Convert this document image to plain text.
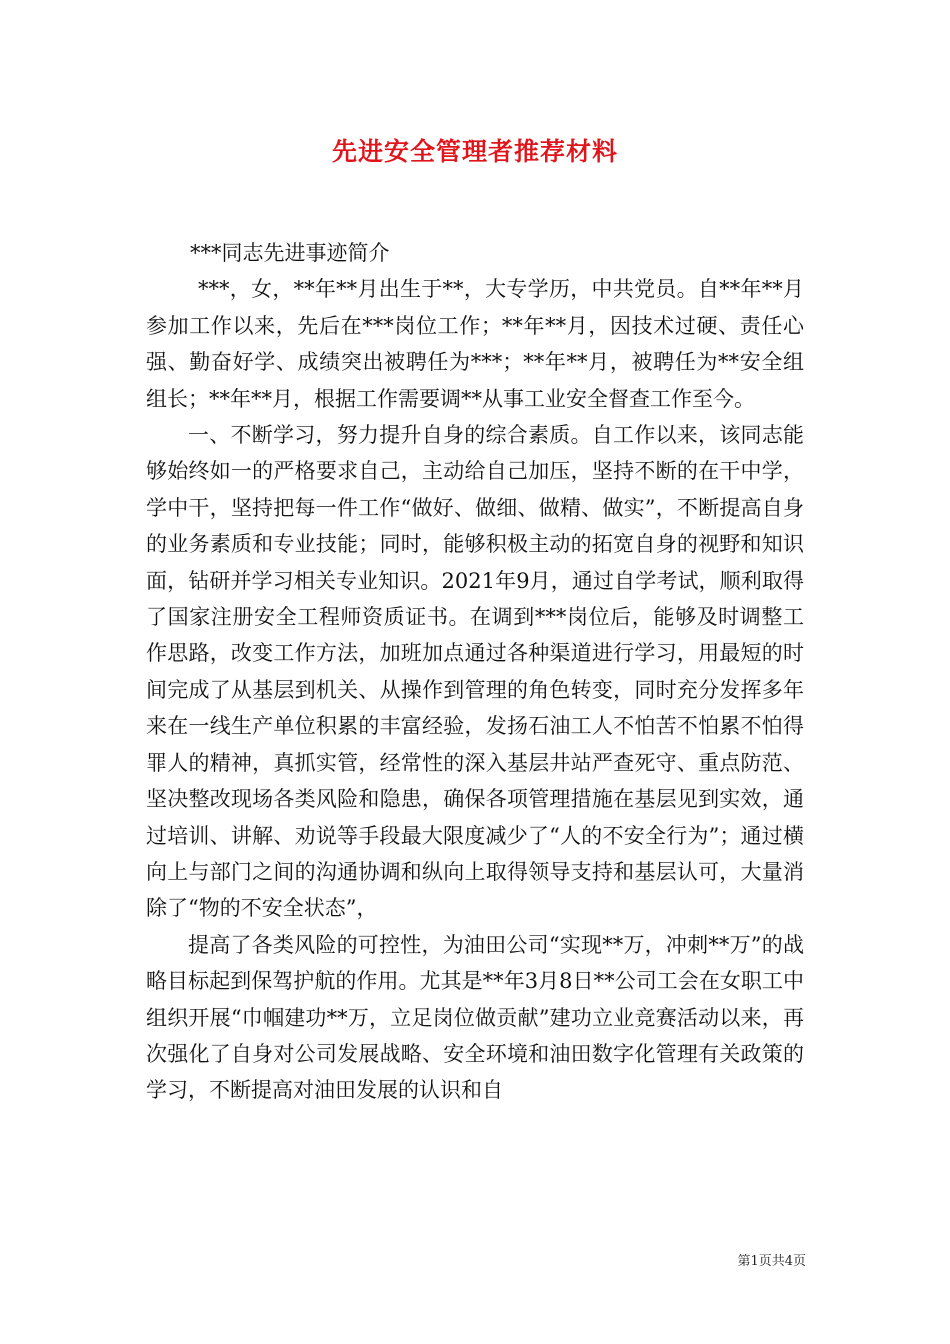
先进安全管理者推荐材料

***同志先进事迹简介

***，女，**年**月出生于**，大专学历，中共党员。自**年**月参加工作以来，先后在***岗位工作；**年**月，因技术过硬、责任心强、勤奋好学、成绩突出被聘任为***；**年**月，被聘任为**安全组组长；**年**月，根据工作需要调**从事工业安全督查工作至今。

一、不断学习，努力提升自身的综合素质。自工作以来，该同志能够始终如一的严格要求自己，主动给自己加压，坚持不断的在干中学，学中干，坚持把每一件工作“做好、做细、做精、做实”，不断提高自身的业务素质和专业技能；同时，能够积极主动的拓宽自身的视野和知识面，钻研并学习相关专业知识。2021年9月，通过自学考试，顺利取得了国家注册安全工程师资质证书。在调到***岗位后，能够及时调整工作思路，改变工作方法，加班加点通过各种渠道进行学习，用最短的时间完成了从基层到机关、从操作到管理的角色转变，同时充分发挥多年来在一线生产单位积累的丰富经验，发扬石油工人不怕苦不怕累不怕得罪人的精神，真抓实管，经常性的深入基层井站严查死守、重点防范、坚决整改现场各类风险和隐患，确保各项管理措施在基层见到实效，通过培训、讲解、劝说等手段最大限度减少了“人的不安全行为”；通过横向上与部门之间的沟通协调和纵向上取得领导支持和基层认可，大量消除了“物的不安全状态”，

提高了各类风险的可控性，为油田公司“实现**万，冲刺**万”的战略目标起到保驾护航的作用。尤其是**年3月8日**公司工会在女职工中组织开展“巾帼建功**万，立足岗位做贡献”建功立业竞赛活动以来，再次强化了自身对公司发展战略、安全环境和油田数字化管理有关政策的学习，不断提高对油田发展的认识和自

第1页共4页
